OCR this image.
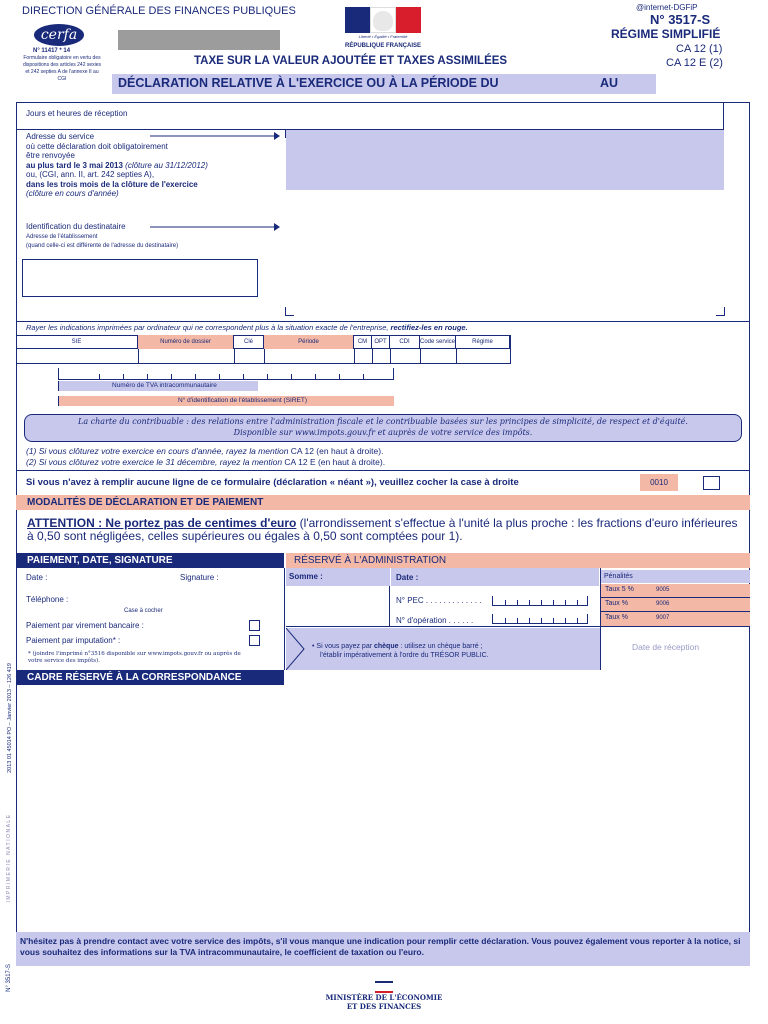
DIRECTION GÉNÉRALE DES FINANCES PUBLIQUES
cerfa
N° 11417 * 14
Formulaire obligatoire en vertu des dispositions des articles 242 sexies et 242 septies A de l'annexe II au CGI
Liberté • Égalité • Fraternité
RÉPUBLIQUE FRANÇAISE
@internet-DGFiP
N° 3517-S
RÉGIME SIMPLIFIÉ
CA 12 (1)
CA 12 E (2)
TAXE SUR LA VALEUR AJOUTÉE ET TAXES ASSIMILÉES
DÉCLARATION RELATIVE À L'EXERCICE OU À LA PÉRIODE DU	AU
Jours et heures de réception
Adresse du service
où cette déclaration doit obligatoirement
être renvoyée
au plus tard le 3 mai 2013 (clôture au 31/12/2012)
ou, (CGI, ann. II, art. 242 septies A),
dans les trois mois de la clôture de l'exercice
(clôture en cours d'année)
Identification du destinataire
Adresse de l'établissement
(quand celle-ci est différente de l'adresse du destinataire)
Rayer les indications imprimées par ordinateur qui ne correspondent plus à la situation exacte de l'entreprise, rectifiez-les en rouge.
SIE	Numéro de dossier	Clé	Période	CM	OPT	CDI	Code service	Régime
Numéro de TVA intracommunautaire
N° d'identification de l'établissement (SIRET)
La charte du contribuable : des relations entre l'administration fiscale et le contribuable basées sur les principes de simplicité, de respect et d'équité.
Disponible sur www.impots.gouv.fr et auprès de votre service des impôts.
(1) Si vous clôturez votre exercice en cours d'année, rayez la mention CA 12 (en haut à droite).
(2) Si vous clôturez votre exercice le 31 décembre, rayez la mention CA 12 E (en haut à droite).
Si vous n'avez à remplir aucune ligne de ce formulaire (déclaration « néant »), veuillez cocher la case à droite	0010
MODALITÉS DE DÉCLARATION ET DE PAIEMENT
ATTENTION : Ne portez pas de centimes d'euro (l'arrondissement s'effectue à l'unité la plus proche : les fractions d'euro inférieures à 0,50 sont négligées, celles supérieures ou égales à 0,50 sont comptées pour 1).
PAIEMENT, DATE, SIGNATURE	RÉSERVÉ À L'ADMINISTRATION
Date :	Signature :
Téléphone :
Case à cocher
Paiement par virement bancaire :
Paiement par imputation* :
* (joindre l'imprimé n°3516 disponible sur www.impots.gouv.fr ou auprès de votre service des impôts).
Somme :	Date :
N° PEC . . . . . . . . . . . . .
N° d'opération . . . . . .
Pénalités
Taux 5 %	9005
Taux %	9006
Taux %	9007
Date de réception
• Si vous payez par chèque : utilisez un chèque barré ;
l'établir impérativement à l'ordre du TRÉSOR PUBLIC.
CADRE RÉSERVÉ À LA CORRESPONDANCE
2013 01 45014 PO – Janvier 2013 – 126 419
IMPRIMERIE NATIONALE
N° 3517-S
N'hésitez pas à prendre contact avec votre service des impôts, s'il vous manque une indication pour remplir cette déclaration. Vous pouvez également vous reporter à la notice, si vous souhaitez des informations sur la TVA intracommunautaire, le coefficient de taxation ou l'euro.
MINISTÈRE DE L'ÉCONOMIE
ET DES FINANCES
